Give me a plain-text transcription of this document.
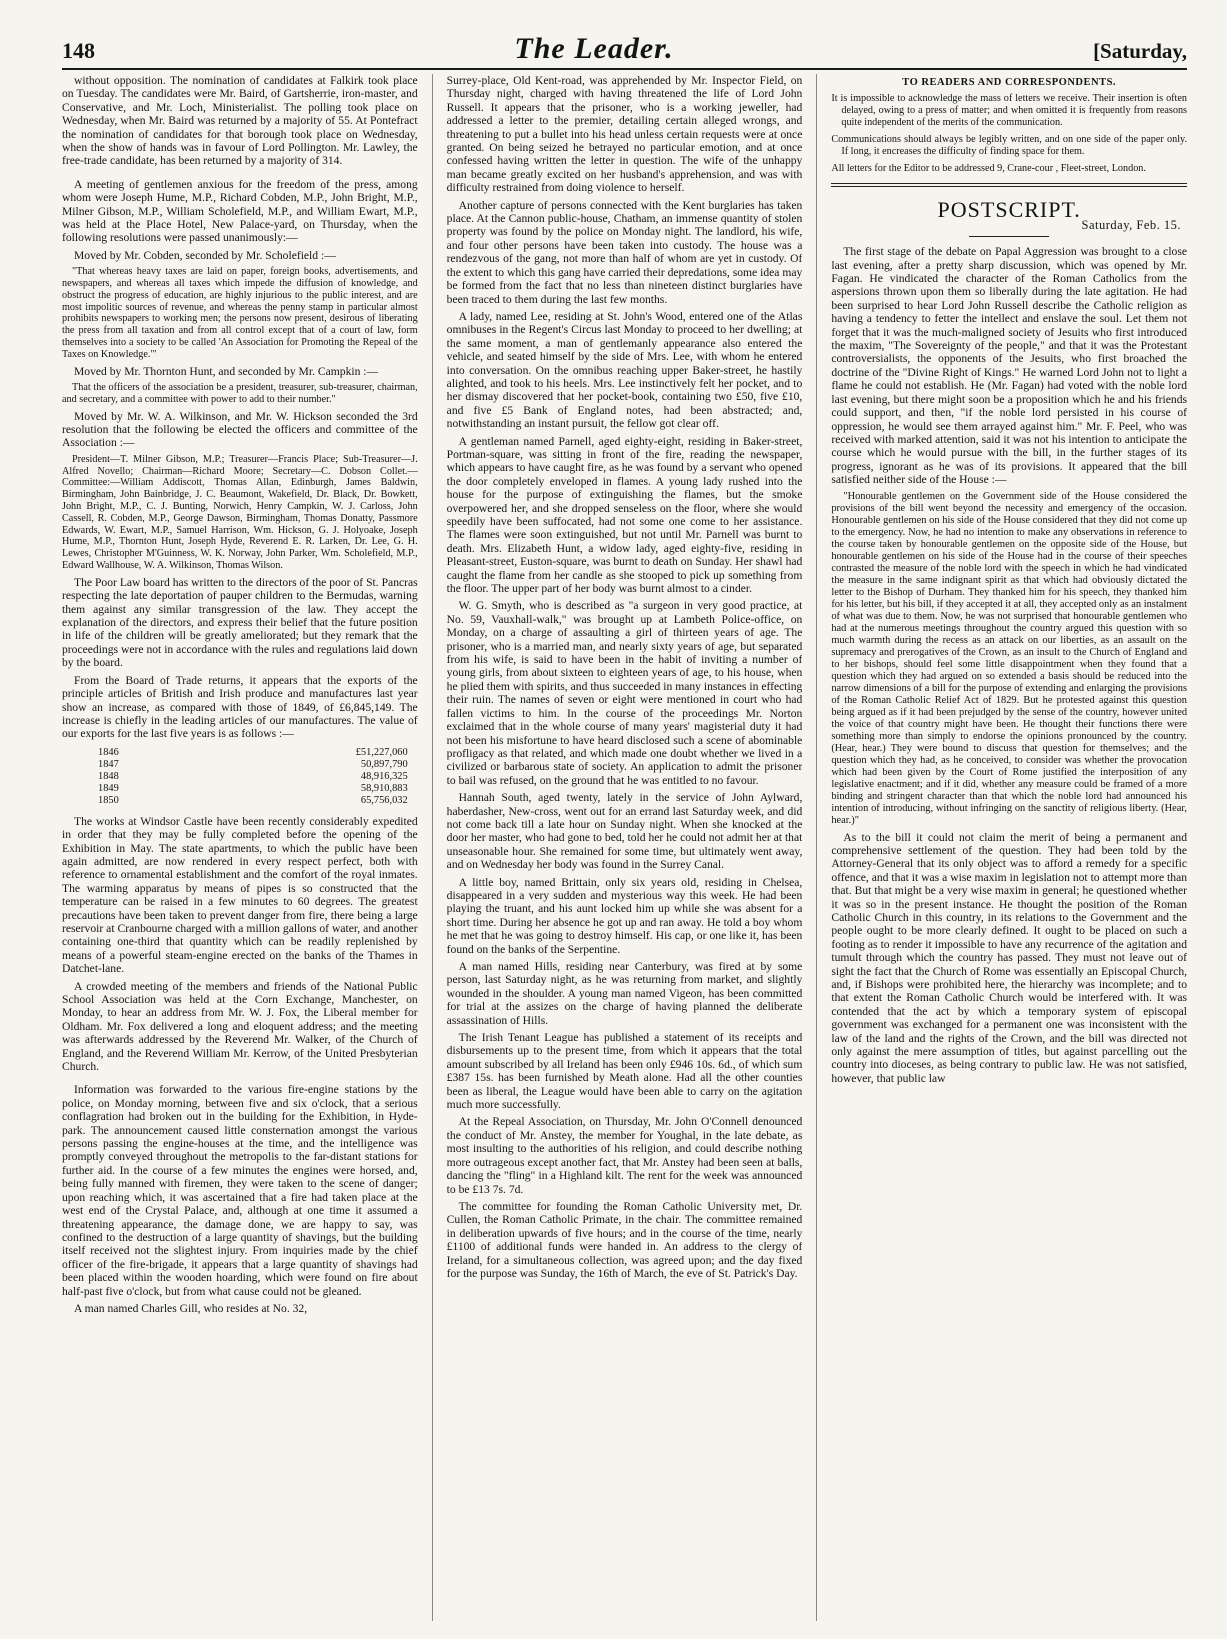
148	The Leader.	[Saturday,

without opposition. The nomination of candidates at Falkirk took place on Tuesday. The candidates were Mr. Baird, of Gartsherrie, iron-master, and Conservative, and Mr. Loch, Ministerialist. The polling took place on Wednesday, when Mr. Baird was returned by a majority of 55. At Pontefract the nomination of candidates for that borough took place on Wednesday, when the show of hands was in favour of Lord Pollington. Mr. Lawley, the free-trade candidate, has been returned by a majority of 314.

A meeting of gentlemen anxious for the freedom of the press, among whom were Joseph Hume, M.P., Richard Cobden, M.P., John Bright, M.P., Milner Gibson, M.P., William Scholefield, M.P., and William Ewart, M.P., was held at the Place Hotel, New Palace-yard, on Thursday, when the following resolutions were passed unanimously:—

Moved by Mr. Cobden, seconded by Mr. Scholefield :—

"That whereas heavy taxes are laid on paper, foreign books, advertisements, and newspapers, and whereas all taxes which impede the diffusion of knowledge, and obstruct the progress of education, are highly injurious to the public interest, and are most impolitic sources of revenue, and whereas the penny stamp in particular almost prohibits newspapers to working men; the persons now present, desirous of liberating the press from all taxation and from all control except that of a court of law, form themselves into a society to be called 'An Association for Promoting the Repeal of the Taxes on Knowledge.'"

Moved by Mr. Thornton Hunt, and seconded by Mr. Campkin :—

That the officers of the association be a president, treasurer, sub-treasurer, chairman, and secretary, and a committee with power to add to their number."

Moved by Mr. W. A. Wilkinson, and Mr. W. Hickson seconded the 3rd resolution that the following be elected the officers and committee of the Association :—

President—T. Milner Gibson, M.P.; Treasurer—Francis Place; Sub-Treasurer—J. Alfred Novello; Chairman—Richard Moore; Secretary—C. Dobson Collet.—Committee:—William Addiscott, Thomas Allan, Edinburgh, James Baldwin, Birmingham, John Bainbridge, J. C. Beaumont, Wakefield, Dr. Black, Dr. Bowkett, John Bright, M.P., C. J. Bunting, Norwich, Henry Campkin, W. J. Carloss, John Cassell, R. Cobden, M.P., George Dawson, Birmingham, Thomas Donatty, Passmore Edwards, W. Ewart, M.P., Samuel Harrison, Wm. Hickson, G. J. Holyoake, Joseph Hume, M.P., Thornton Hunt, Joseph Hyde, Reverend E. R. Larken, Dr. Lee, G. H. Lewes, Christopher M'Guinness, W. K. Norway, John Parker, Wm. Scholefield, M.P., Edward Wallhouse, W. A. Wilkinson, Thomas Wilson.

The Poor Law board has written to the directors of the poor of St. Pancras respecting the late deportation of pauper children to the Bermudas, warning them against any similar transgression of the law. They accept the explanation of the directors, and express their belief that the future position in life of the children will be greatly ameliorated; but they remark that the proceedings were not in accordance with the rules and regulations laid down by the board.

From the Board of Trade returns, it appears that the exports of the principle articles of British and Irish produce and manufactures last year show an increase, as compared with those of 1849, of £6,845,149. The increase is chiefly in the leading articles of our manufactures. The value of our exports for the last five years is as follows :—

1846	£51,227,060
1847	50,897,790
1848	48,916,325
1849	58,910,883
1850	65,756,032

The works at Windsor Castle have been recently considerably expedited in order that they may be fully completed before the opening of the Exhibition in May. The state apartments, to which the public have been again admitted, are now rendered in every respect perfect, both with reference to ornamental establishment and the comfort of the royal inmates. The warming apparatus by means of pipes is so constructed that the temperature can be raised in a few minutes to 60 degrees. The greatest precautions have been taken to prevent danger from fire, there being a large reservoir at Cranbourne charged with a million gallons of water, and another containing one-third that quantity which can be readily replenished by means of a powerful steam-engine erected on the banks of the Thames in Datchet-lane.

A crowded meeting of the members and friends of the National Public School Association was held at the Corn Exchange, Manchester, on Monday, to hear an address from Mr. W. J. Fox, the Liberal member for Oldham. Mr. Fox delivered a long and eloquent address; and the meeting was afterwards addressed by the Reverend Mr. Walker, of the Church of England, and the Reverend William Mr. Kerrow, of the United Presbyterian Church.

Information was forwarded to the various fire-engine stations by the police, on Monday morning, between five and six o'clock, that a serious conflagration had broken out in the building for the Exhibition, in Hyde-park. The announcement caused little consternation amongst the various persons passing the engine-houses at the time, and the intelligence was promptly conveyed throughout the metropolis to the far-distant stations for further aid. In the course of a few minutes the engines were horsed, and, being fully manned with firemen, they were taken to the scene of danger; upon reaching which, it was ascertained that a fire had taken place at the west end of the Crystal Palace, and, although at one time it assumed a threatening appearance, the damage done, we are happy to say, was confined to the destruction of a large quantity of shavings, but the building itself received not the slightest injury. From inquiries made by the chief officer of the fire-brigade, it appears that a large quantity of shavings had been placed within the wooden hoarding, which were found on fire about half-past five o'clock, but from what cause could not be gleaned.

A man named Charles Gill, who resides at No. 32,

Surrey-place, Old Kent-road, was apprehended by Mr. Inspector Field, on Thursday night, charged with having threatened the life of Lord John Russell. It appears that the prisoner, who is a working jeweller, had addressed a letter to the premier, detailing certain alleged wrongs, and threatening to put a bullet into his head unless certain requests were at once granted. On being seized he betrayed no particular emotion, and at once confessed having written the letter in question. The wife of the unhappy man became greatly excited on her husband's apprehension, and was with difficulty restrained from doing violence to herself.

Another capture of persons connected with the Kent burglaries has taken place. At the Cannon public-house, Chatham, an immense quantity of stolen property was found by the police on Monday night. The landlord, his wife, and four other persons have been taken into custody. The house was a rendezvous of the gang, not more than half of whom are yet in custody. Of the extent to which this gang have carried their depredations, some idea may be formed from the fact that no less than nineteen distinct burglaries have been traced to them during the last few months.

A lady, named Lee, residing at St. John's Wood, entered one of the Atlas omnibuses in the Regent's Circus last Monday to proceed to her dwelling; at the same moment, a man of gentlemanly appearance also entered the vehicle, and seated himself by the side of Mrs. Lee, with whom he entered into conversation. On the omnibus reaching upper Baker-street, he hastily alighted, and took to his heels. Mrs. Lee instinctively felt her pocket, and to her dismay discovered that her pocket-book, containing two £50, five £10, and five £5 Bank of England notes, had been abstracted; and, notwithstanding an instant pursuit, the fellow got clear off.

A gentleman named Parnell, aged eighty-eight, residing in Baker-street, Portman-square, was sitting in front of the fire, reading the newspaper, which appears to have caught fire, as he was found by a servant who opened the door completely enveloped in flames. A young lady rushed into the house for the purpose of extinguishing the flames, but the smoke overpowered her, and she dropped senseless on the floor, where she would speedily have been suffocated, had not some one come to her assistance. The flames were soon extinguished, but not until Mr. Parnell was burnt to death. Mrs. Elizabeth Hunt, a widow lady, aged eighty-five, residing in Pleasant-street, Euston-square, was burnt to death on Sunday. Her shawl had caught the flame from her candle as she stooped to pick up something from the floor. The upper part of her body was burnt almost to a cinder.

W. G. Smyth, who is described as "a surgeon in very good practice, at No. 59, Vauxhall-walk," was brought up at Lambeth Police-office, on Monday, on a charge of assaulting a girl of thirteen years of age. The prisoner, who is a married man, and nearly sixty years of age, but separated from his wife, is said to have been in the habit of inviting a number of young girls, from about sixteen to eighteen years of age, to his house, when he plied them with spirits, and thus succeeded in many instances in effecting their ruin. The names of seven or eight were mentioned in court who had fallen victims to him. In the course of the proceedings Mr. Norton exclaimed that in the whole course of many years' magisterial duty it had not been his misfortune to have heard disclosed such a scene of abominable profligacy as that related, and which made one doubt whether we lived in a civilized or barbarous state of society. An application to admit the prisoner to bail was refused, on the ground that he was entitled to no favour.

Hannah South, aged twenty, lately in the service of John Aylward, haberdasher, New-cross, went out for an errand last Saturday week, and did not come back till a late hour on Sunday night. When she knocked at the door her master, who had gone to bed, told her he could not admit her at that unseasonable hour. She remained for some time, but ultimately went away, and on Wednesday her body was found in the Surrey Canal.

A little boy, named Brittain, only six years old, residing in Chelsea, disappeared in a very sudden and mysterious way this week. He had been playing the truant, and his aunt locked him up while she was absent for a short time. During her absence he got up and ran away. He told a boy whom he met that he was going to destroy himself. His cap, or one like it, has been found on the banks of the Serpentine.

A man named Hills, residing near Canterbury, was fired at by some person, last Saturday night, as he was returning from market, and slightly wounded in the shoulder. A young man named Vigeon, has been committed for trial at the assizes on the charge of having planned the deliberate assassination of Hills.

The Irish Tenant League has published a statement of its receipts and disbursements up to the present time, from which it appears that the total amount subscribed by all Ireland has been only £946 10s. 6d., of which sum £387 15s. has been furnished by Meath alone. Had all the other counties been as liberal, the League would have been able to carry on the agitation much more successfully.

At the Repeal Association, on Thursday, Mr. John O'Connell denounced the conduct of Mr. Anstey, the member for Youghal, in the late debate, as most insulting to the authorities of his religion, and could describe nothing more outrageous except another fact, that Mr. Anstey had been seen at balls, dancing the "fling" in a Highland kilt. The rent for the week was announced to be £13 7s. 7d.

The committee for founding the Roman Catholic University met, Dr. Cullen, the Roman Catholic Primate, in the chair. The committee remained in deliberation upwards of five hours; and in the course of the time, nearly £1100 of additional funds were handed in. An address to the clergy of Ireland, for a simultaneous collection, was agreed upon; and the day fixed for the purpose was Sunday, the 16th of March, the eve of St. Patrick's Day.

TO READERS AND CORRESPONDENTS.

It is impossible to acknowledge the mass of letters we receive. Their insertion is often delayed, owing to a press of matter; and when omitted it is frequently from reasons quite independent of the merits of the communication.

Communications should always be legibly written, and on one side of the paper only. If long, it encreases the difficulty of finding space for them.

All letters for the Editor to be addressed 9, Crane-cour , Fleet-street, London.

POSTSCRIPT.
Saturday, Feb. 15.

The first stage of the debate on Papal Aggression was brought to a close last evening, after a pretty sharp discussion, which was opened by Mr. Fagan. He vindicated the character of the Roman Catholics from the aspersions thrown upon them so liberally during the late agitation. He had been surprised to hear Lord John Russell describe the Catholic religion as having a tendency to fetter the intellect and enslave the soul. Let them not forget that it was the much-maligned society of Jesuits who first introduced the maxim, "The Sovereignty of the people," and that it was the Protestant controversialists, the opponents of the Jesuits, who first broached the doctrine of the "Divine Right of Kings." He warned Lord John not to light a flame he could not establish. He (Mr. Fagan) had voted with the noble lord last evening, but there might soon be a proposition which he and his friends could support, and then, "if the noble lord persisted in his course of oppression, he would see them arrayed against him." Mr. F. Peel, who was received with marked attention, said it was not his intention to anticipate the course which he would pursue with the bill, in the further stages of its progress, ignorant as he was of its provisions. It appeared that the bill satisfied neither side of the House :—

"Honourable gentlemen on the Government side of the House considered the provisions of the bill went beyond the necessity and emergency of the occasion. Honourable gentlemen on his side of the House considered that they did not come up to the emergency. Now, he had no intention to make any observations in reference to the course taken by honourable gentlemen on the opposite side of the House, but honourable gentlemen on his side of the House had in the course of their speeches contrasted the measure of the noble lord with the speech in which he had vindicated the measure in the same indignant spirit as that which had obviously dictated the letter to the Bishop of Durham. They thanked him for his speech, they thanked him for his letter, but his bill, if they accepted it at all, they accepted only as an instalment of what was due to them. Now, he was not surprised that honourable gentlemen who had at the numerous meetings throughout the country argued this question with so much warmth during the recess as an attack on our liberties, as an assault on the supremacy and prerogatives of the Crown, as an insult to the Church of England and to her bishops, should feel some little disappointment when they found that a question which they had argued on so extended a basis should be reduced into the narrow dimensions of a bill for the purpose of extending and enlarging the provisions of the Roman Catholic Relief Act of 1829. But he protested against this question being argued as if it had been prejudged by the sense of the country, however united the voice of that country might have been. He thought their functions there were something more than simply to endorse the opinions pronounced by the country. (Hear, hear.) They were bound to discuss that question for themselves; and the question which they had, as he conceived, to consider was whether the provocation which had been given by the Court of Rome justified the interposition of any legislative enactment; and if it did, whether any measure could be framed of a more binding and stringent character than that which the noble lord had announced his intention of introducing, without infringing on the sanctity of religious liberty. (Hear, hear.)"

As to the bill it could not claim the merit of being a permanent and comprehensive settlement of the question. They had been told by the Attorney-General that its only object was to afford a remedy for a specific offence, and that it was a wise maxim in legislation not to attempt more than that. But that might be a very wise maxim in general; he questioned whether it was so in the present instance. He thought the position of the Roman Catholic Church in this country, in its relations to the Government and the people ought to be more clearly defined. It ought to be placed on such a footing as to render it impossible to have any recurrence of the agitation and tumult through which the country has passed. They must not leave out of sight the fact that the Church of Rome was essentially an Episcopal Church, and, if Bishops were prohibited here, the hierarchy was incomplete; and to that extent the Roman Catholic Church would be interfered with. It was contended that the act by which a temporary system of episcopal government was exchanged for a permanent one was inconsistent with the law of the land and the rights of the Crown, and the bill was directed not only against the mere assumption of titles, but against parcelling out the country into dioceses, as being contrary to public law. He was not satisfied, however, that public law
